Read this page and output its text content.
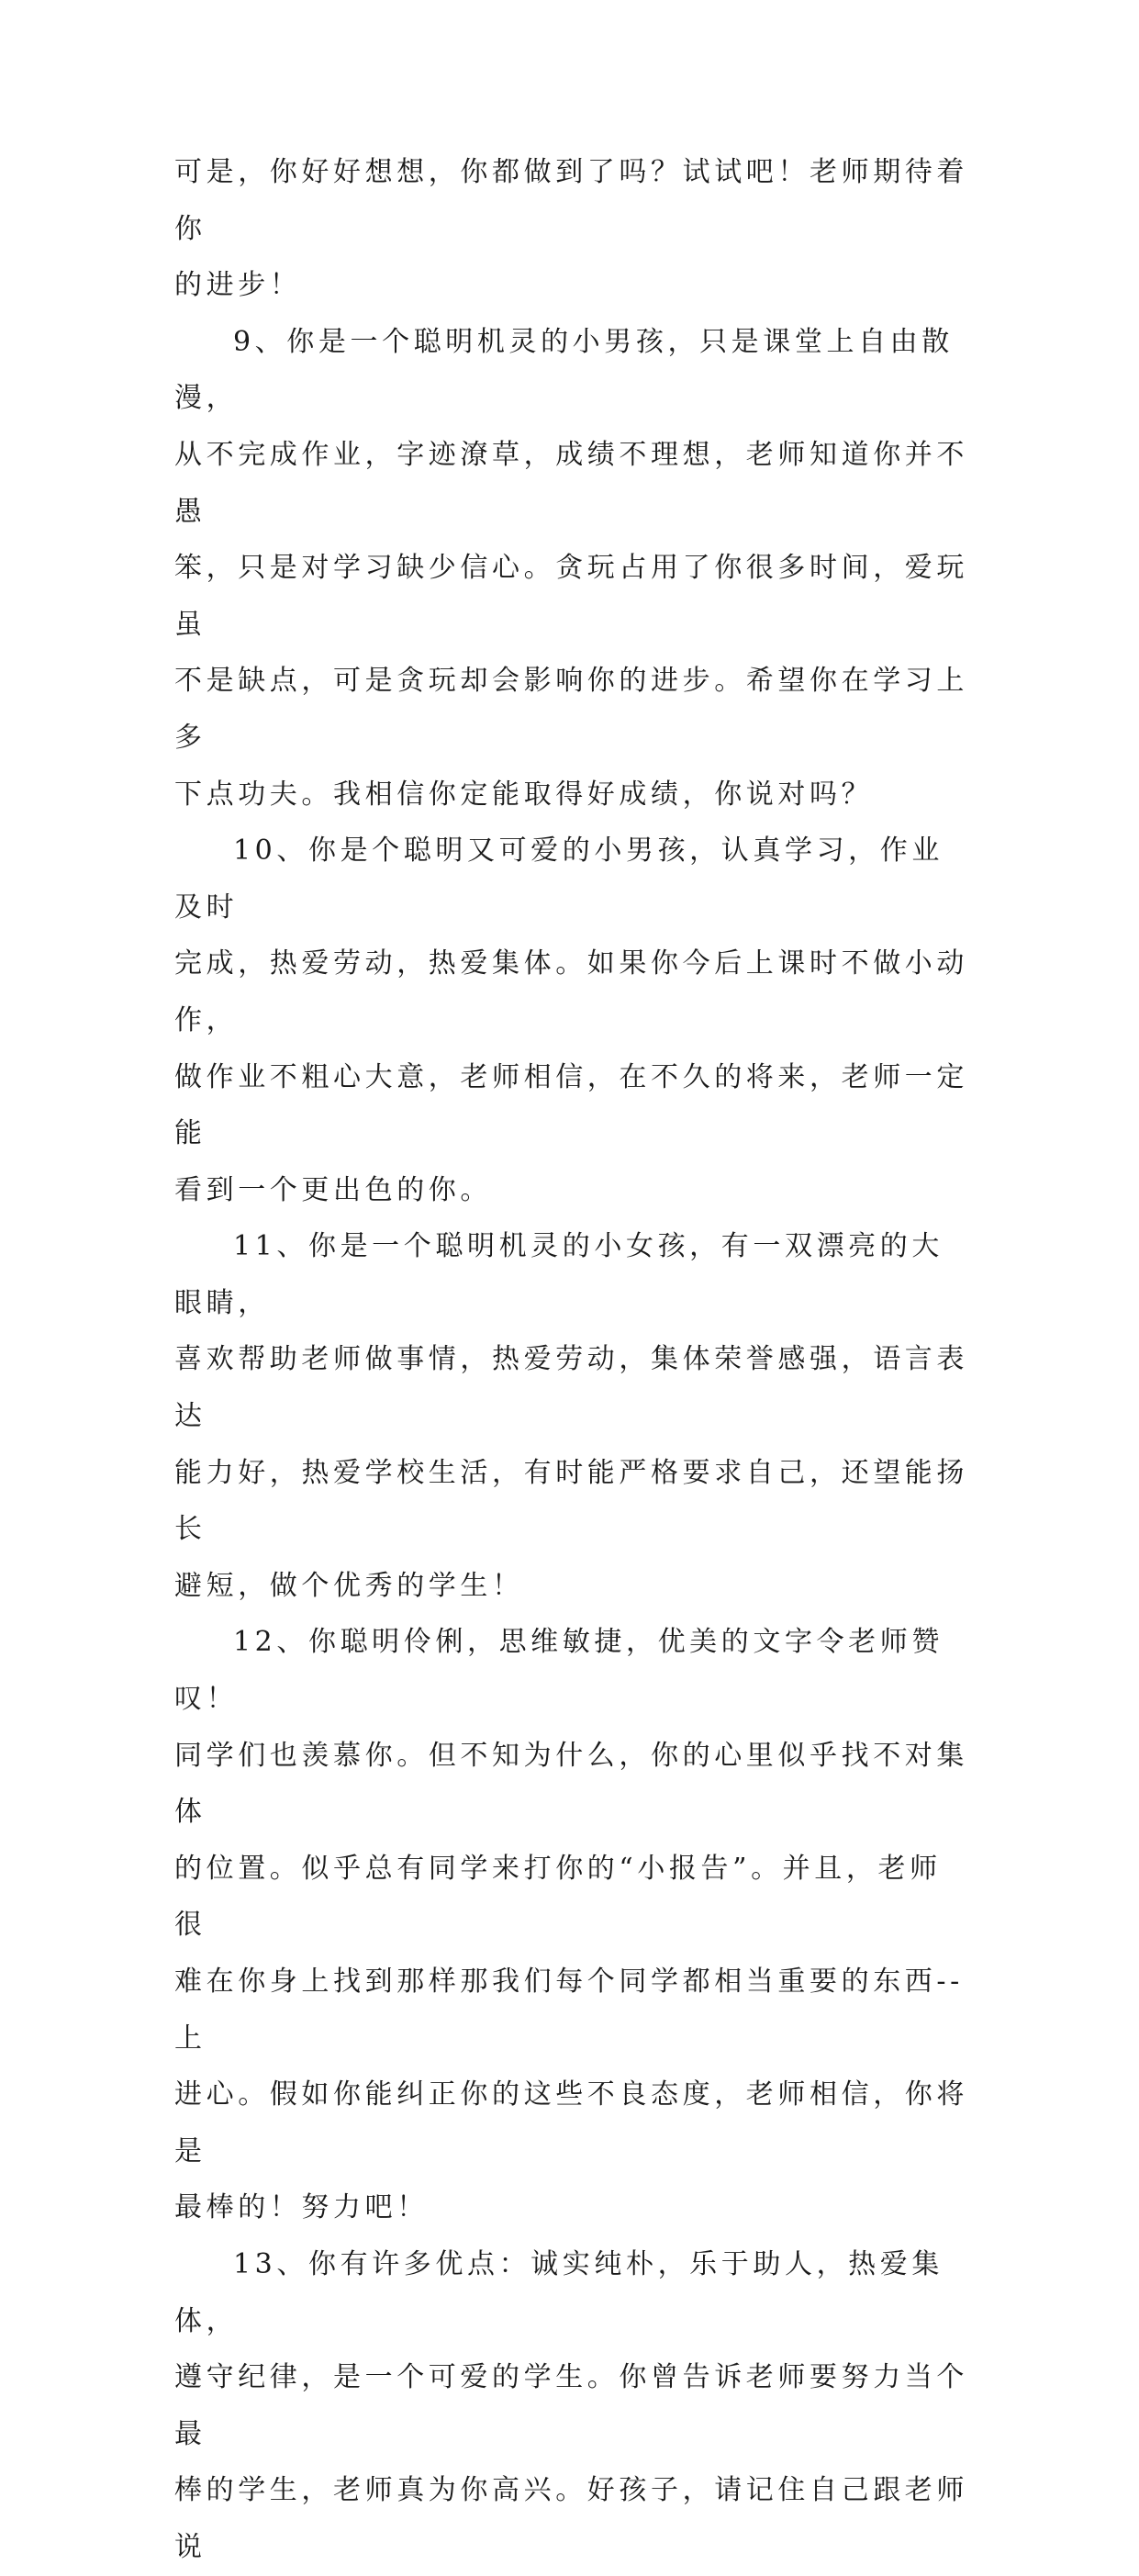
可是，你好好想想，你都做到了吗？试试吧！老师期待着你
的进步！

9、你是一个聪明机灵的小男孩，只是课堂上自由散漫，
从不完成作业，字迹潦草，成绩不理想，老师知道你并不愚
笨，只是对学习缺少信心。贪玩占用了你很多时间，爱玩虽
不是缺点，可是贪玩却会影响你的进步。希望你在学习上多
下点功夫。我相信你定能取得好成绩，你说对吗？

10、你是个聪明又可爱的小男孩，认真学习，作业及时
完成，热爱劳动，热爱集体。如果你今后上课时不做小动作，
做作业不粗心大意，老师相信，在不久的将来，老师一定能
看到一个更出色的你。

11、你是一个聪明机灵的小女孩，有一双漂亮的大眼睛，
喜欢帮助老师做事情，热爱劳动，集体荣誉感强，语言表达
能力好，热爱学校生活，有时能严格要求自己，还望能扬长
避短，做个优秀的学生！

12、你聪明伶俐，思维敏捷，优美的文字令老师赞叹！
同学们也羡慕你。但不知为什么，你的心里似乎找不对集体
的位置。似乎总有同学来打你的“小报告”。并且，老师很
难在你身上找到那样那我们每个同学都相当重要的东西--上
进心。假如你能纠正你的这些不良态度，老师相信，你将是
最棒的！努力吧！

13、你有许多优点：诚实纯朴，乐于助人，热爱集体，
遵守纪律，是一个可爱的学生。你曾告诉老师要努力当个最
棒的学生，老师真为你高兴。好孩子，请记住自己跟老师说
